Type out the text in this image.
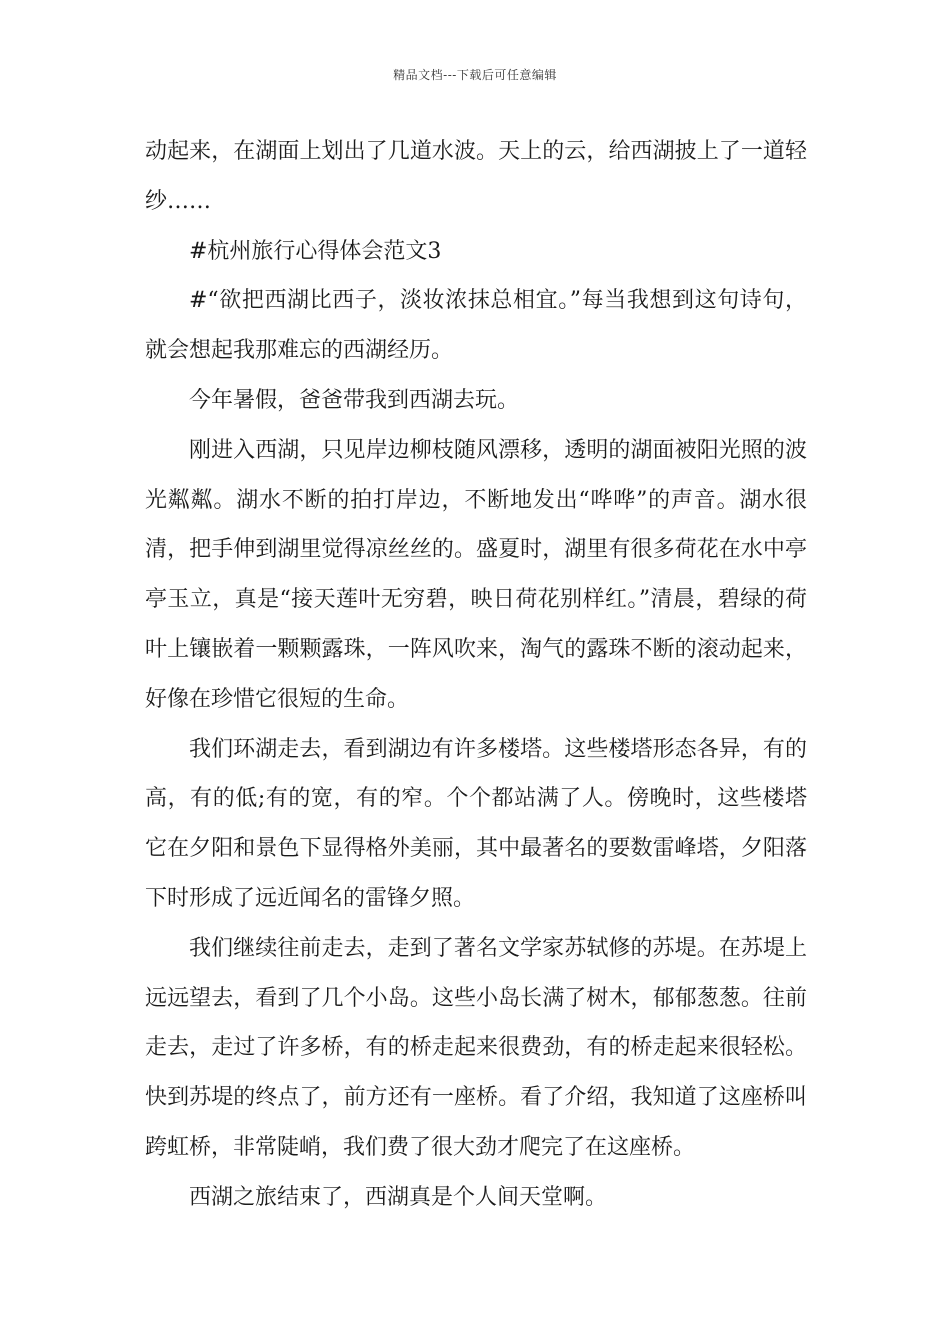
精品文档---下载后可任意编辑

动起来，在湖面上划出了几道水波。天上的云，给西湖披上了一道轻纱……

#杭州旅行心得体会范文3

#“欲把西湖比西子，淡妆浓抹总相宜。”每当我想到这句诗句，就会想起我那难忘的西湖经历。

今年暑假，爸爸带我到西湖去玩。

刚进入西湖，只见岸边柳枝随风漂移，透明的湖面被阳光照的波光粼粼。湖水不断的拍打岸边，不断地发出“哗哗”的声音。湖水很清，把手伸到湖里觉得凉丝丝的。盛夏时，湖里有很多荷花在水中亭亭玉立，真是“接天莲叶无穷碧，映日荷花别样红。”清晨，碧绿的荷叶上镶嵌着一颗颗露珠，一阵风吹来，淘气的露珠不断的滚动起来，好像在珍惜它很短的生命。

我们环湖走去，看到湖边有许多楼塔。这些楼塔形态各异，有的高，有的低;有的宽，有的窄。个个都站满了人。傍晚时，这些楼塔它在夕阳和景色下显得格外美丽，其中最著名的要数雷峰塔，夕阳落下时形成了远近闻名的雷锋夕照。

我们继续往前走去，走到了著名文学家苏轼修的苏堤。在苏堤上远远望去，看到了几个小岛。这些小岛长满了树木，郁郁葱葱。往前走去，走过了许多桥，有的桥走起来很费劲，有的桥走起来很轻松。快到苏堤的终点了，前方还有一座桥。看了介绍，我知道了这座桥叫跨虹桥，非常陡峭，我们费了很大劲才爬完了在这座桥。

西湖之旅结束了，西湖真是个人间天堂啊。
